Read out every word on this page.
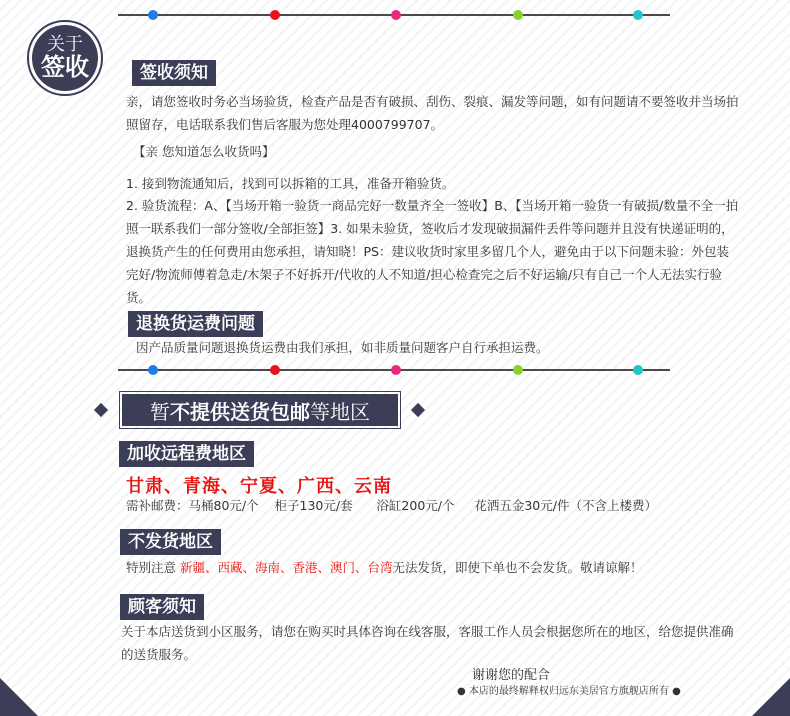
关于
签收	签收须知
亲，请您签收时务必当场验货，检查产品是否有破损、刮伤、裂痕、漏发等问题，如有问题请不要签收并当场拍照留存，电话联系我们售后客服为您处理4000799707。
【亲 您知道怎么收货吗】
1. 接到物流通知后，找到可以拆箱的工具，准备开箱验货。
2. 验货流程：A、【当场开箱一验货一商品完好一数量齐全一签收】B、【当场开箱一验货一有破损/数量不全一拍照一联系我们一部分签收/全部拒签】3. 如果未验货，签收后才发现破损漏件丢件等问题并且没有快递证明的，退换货产生的任何费用由您承担，请知晓！PS：建议收货时家里多留几个人，避免由于以下问题未验：外包装完好/物流师傅着急走/木架子不好拆开/代收的人不知道/担心检查完之后不好运输/只有自己一个人无法实行验货。
退换货运费问题
因产品质量问题退换货运费由我们承担，如非质量问题客户自行承担运费。
暂 不提供送货包邮 等地区
加收远程费地区
甘肃、青海、宁夏、广西、云南
需补邮费：马桶80元/个    柜子130元/套      浴缸200元/个     花洒五金30元/件（不含上楼费）
不发货地区
特别注意 新疆、西藏、海南、香港、澳门、台湾无法发货，即使下单也不会发货。敬请谅解！
顾客须知
关于本店送货到小区服务，请您在购买时具体咨询在线客服，客服工作人员会根据您所在的地区，给您提供准确的送货服务。
谢谢您的配合
● 本店的最终解释权归远东美居官方旗舰店所有 ●
